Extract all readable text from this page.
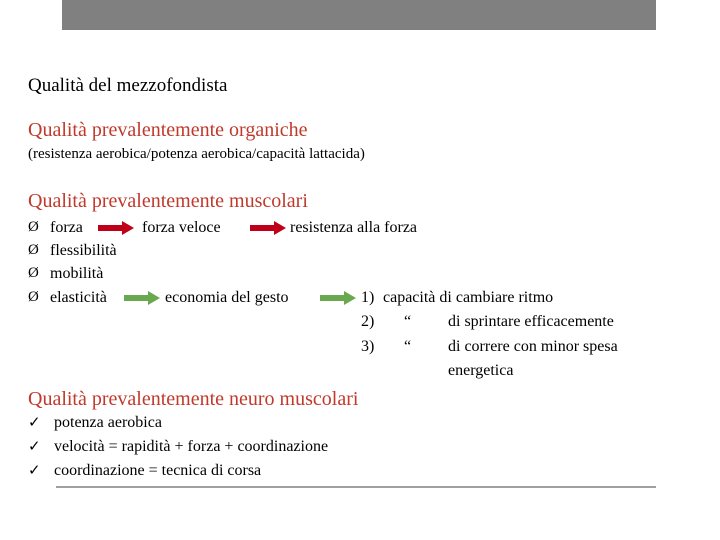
Qualità del mezzofondista
Qualità prevalentemente organiche
(resistenza aerobica/potenza aerobica/capacità lattacida)
Qualità prevalentemente muscolari
Ø
Ø
Ø
Ø
forza
flessibilità
mobilità
elasticità
forza veloce	resistenza alla forza
economia del gesto	1) capacità di cambiare ritmo
2) “ di sprintare efficacemente
3) “ di correre con minor spesa
energetica
Qualità prevalentemente neuro muscolari
✓
✓
✓
potenza aerobica
velocità = rapidità + forza + coordinazione
coordinazione = tecnica di corsa
